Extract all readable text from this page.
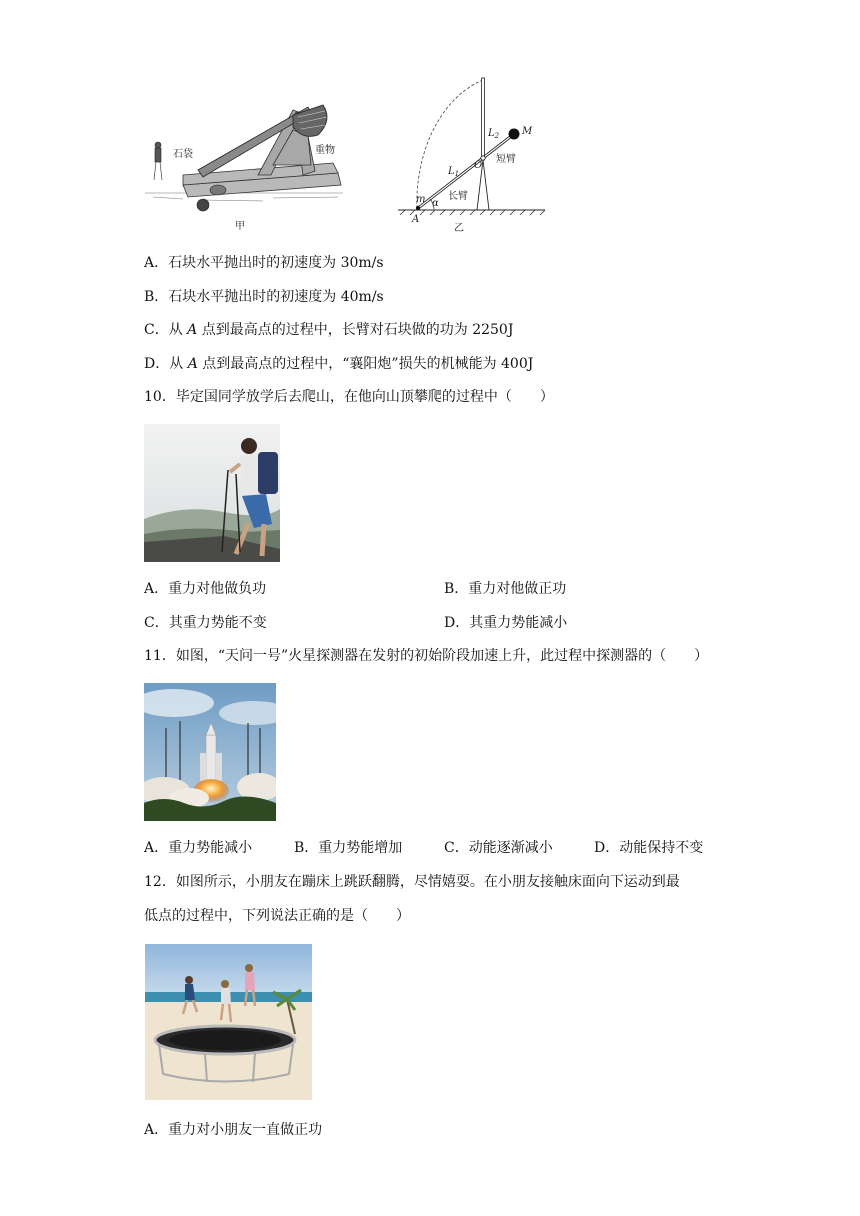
石袋	重物
甲
M
$L_2$
短臂
O
$L_1$
长臂
m α
A
乙
A．石块水平抛出时的初速度为 30m/s
B．石块水平抛出时的初速度为 40m/s
C．从 A 点到最高点的过程中，长臂对石块做的功为 2250J
D．从 A 点到最高点的过程中，“襄阳炮”损失的机械能为 400J
10．毕定国同学放学后去爬山，在他向山顶攀爬的过程中（　　）
A．重力对他做负功	B．重力对他做正功
C．其重力势能不变	D．其重力势能减小
11．如图，“天问一号”火星探测器在发射的初始阶段加速上升，此过程中探测器的（　　）
A．重力势能减小	B．重力势能增加	C．动能逐渐减小	D．动能保持不变
12．如图所示，小朋友在蹦床上跳跃翻腾，尽情嬉耍。在小朋友接触床面向下运动到最
低点的过程中，下列说法正确的是（　　）
A．重力对小朋友一直做正功
